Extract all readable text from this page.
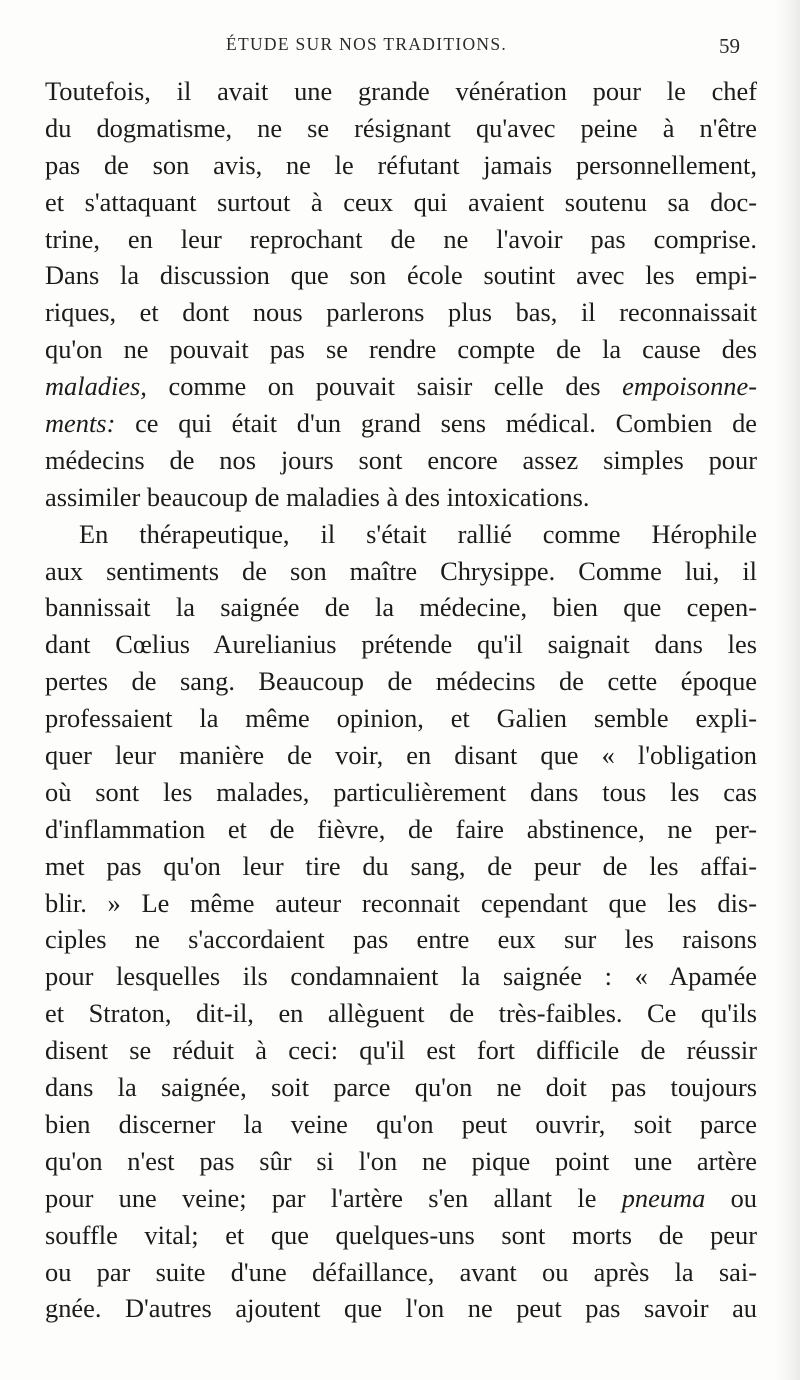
ÉTUDE SUR NOS TRADITIONS.	59
Toutefois, il avait une grande vénération pour le chef
du dogmatisme, ne se résignant qu'avec peine à n'être
pas de son avis, ne le réfutant jamais personnellement,
et s'attaquant surtout à ceux qui avaient soutenu sa doc-
trine, en leur reprochant de ne l'avoir pas comprise.
Dans la discussion que son école soutint avec les empi-
riques, et dont nous parlerons plus bas, il reconnaissait
qu'on ne pouvait pas se rendre compte de la cause des
maladies, comme on pouvait saisir celle des empoisonne-
ments: ce qui était d'un grand sens médical. Combien de
médecins de nos jours sont encore assez simples pour
assimiler beaucoup de maladies à des intoxications.
En thérapeutique, il s'était rallié comme Hérophile
aux sentiments de son maître Chrysippe. Comme lui, il
bannissait la saignée de la médecine, bien que cepen-
dant Cœlius Aurelianius prétende qu'il saignait dans les
pertes de sang. Beaucoup de médecins de cette époque
professaient la même opinion, et Galien semble expli-
quer leur manière de voir, en disant que « l'obligation
où sont les malades, particulièrement dans tous les cas
d'inflammation et de fièvre, de faire abstinence, ne per-
met pas qu'on leur tire du sang, de peur de les affai-
blir. » Le même auteur reconnait cependant que les dis-
ciples ne s'accordaient pas entre eux sur les raisons
pour lesquelles ils condamnaient la saignée : « Apamée
et Straton, dit-il, en allèguent de très-faibles. Ce qu'ils
disent se réduit à ceci: qu'il est fort difficile de réussir
dans la saignée, soit parce qu'on ne doit pas toujours
bien discerner la veine qu'on peut ouvrir, soit parce
qu'on n'est pas sûr si l'on ne pique point une artère
pour une veine; par l'artère s'en allant le pneuma ou
souffle vital; et que quelques-uns sont morts de peur
ou par suite d'une défaillance, avant ou après la sai-
gnée. D'autres ajoutent que l'on ne peut pas savoir au
